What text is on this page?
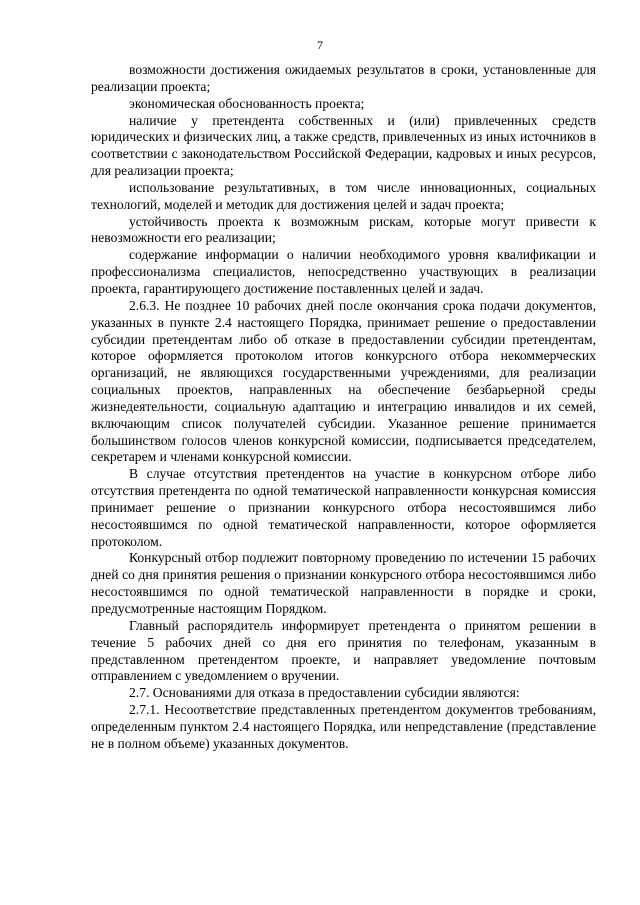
7

возможности достижения ожидаемых результатов в сроки, установленные для реализации проекта;

экономическая обоснованность проекта;

наличие у претендента собственных и (или) привлеченных средств юридических и физических лиц, а также средств, привлеченных из иных источников в соответствии с законодательством Российской Федерации, кадровых и иных ресурсов, для реализации проекта;

использование результативных, в том числе инновационных, социальных технологий, моделей и методик для достижения целей и задач проекта;

устойчивость проекта к возможным рискам, которые могут привести к невозможности его реализации;

содержание информации о наличии необходимого уровня квалификации и профессионализма специалистов, непосредственно участвующих в реализации проекта, гарантирующего достижение поставленных целей и задач.

2.6.3. Не позднее 10 рабочих дней после окончания срока подачи документов, указанных в пункте 2.4 настоящего Порядка, принимает решение о предоставлении субсидии претендентам либо об отказе в предоставлении субсидии претендентам, которое оформляется протоколом итогов конкурсного отбора некоммерческих организаций, не являющихся государственными учреждениями, для реализации социальных проектов, направленных на обеспечение безбарьерной среды жизнедеятельности, социальную адаптацию и интеграцию инвалидов и их семей, включающим список получателей субсидии. Указанное решение принимается большинством голосов членов конкурсной комиссии, подписывается председателем, секретарем и членами конкурсной комиссии.

В случае отсутствия претендентов на участие в конкурсном отборе либо отсутствия претендента по одной тематической направленности конкурсная комиссия принимает решение о признании конкурсного отбора несостоявшимся либо несостоявшимся по одной тематической направленности, которое оформляется протоколом.

Конкурсный отбор подлежит повторному проведению по истечении 15 рабочих дней со дня принятия решения о признании конкурсного отбора несостоявшимся либо несостоявшимся по одной тематической направленности в порядке и сроки, предусмотренные настоящим Порядком.

Главный распорядитель информирует претендента о принятом решении в течение 5 рабочих дней со дня его принятия по телефонам, указанным в представленном претендентом проекте, и направляет уведомление почтовым отправлением с уведомлением о вручении.

2.7. Основаниями для отказа в предоставлении субсидии являются:

2.7.1. Несоответствие представленных претендентом документов требованиям, определенным пунктом 2.4 настоящего Порядка, или непредставление (представление не в полном объеме) указанных документов.
